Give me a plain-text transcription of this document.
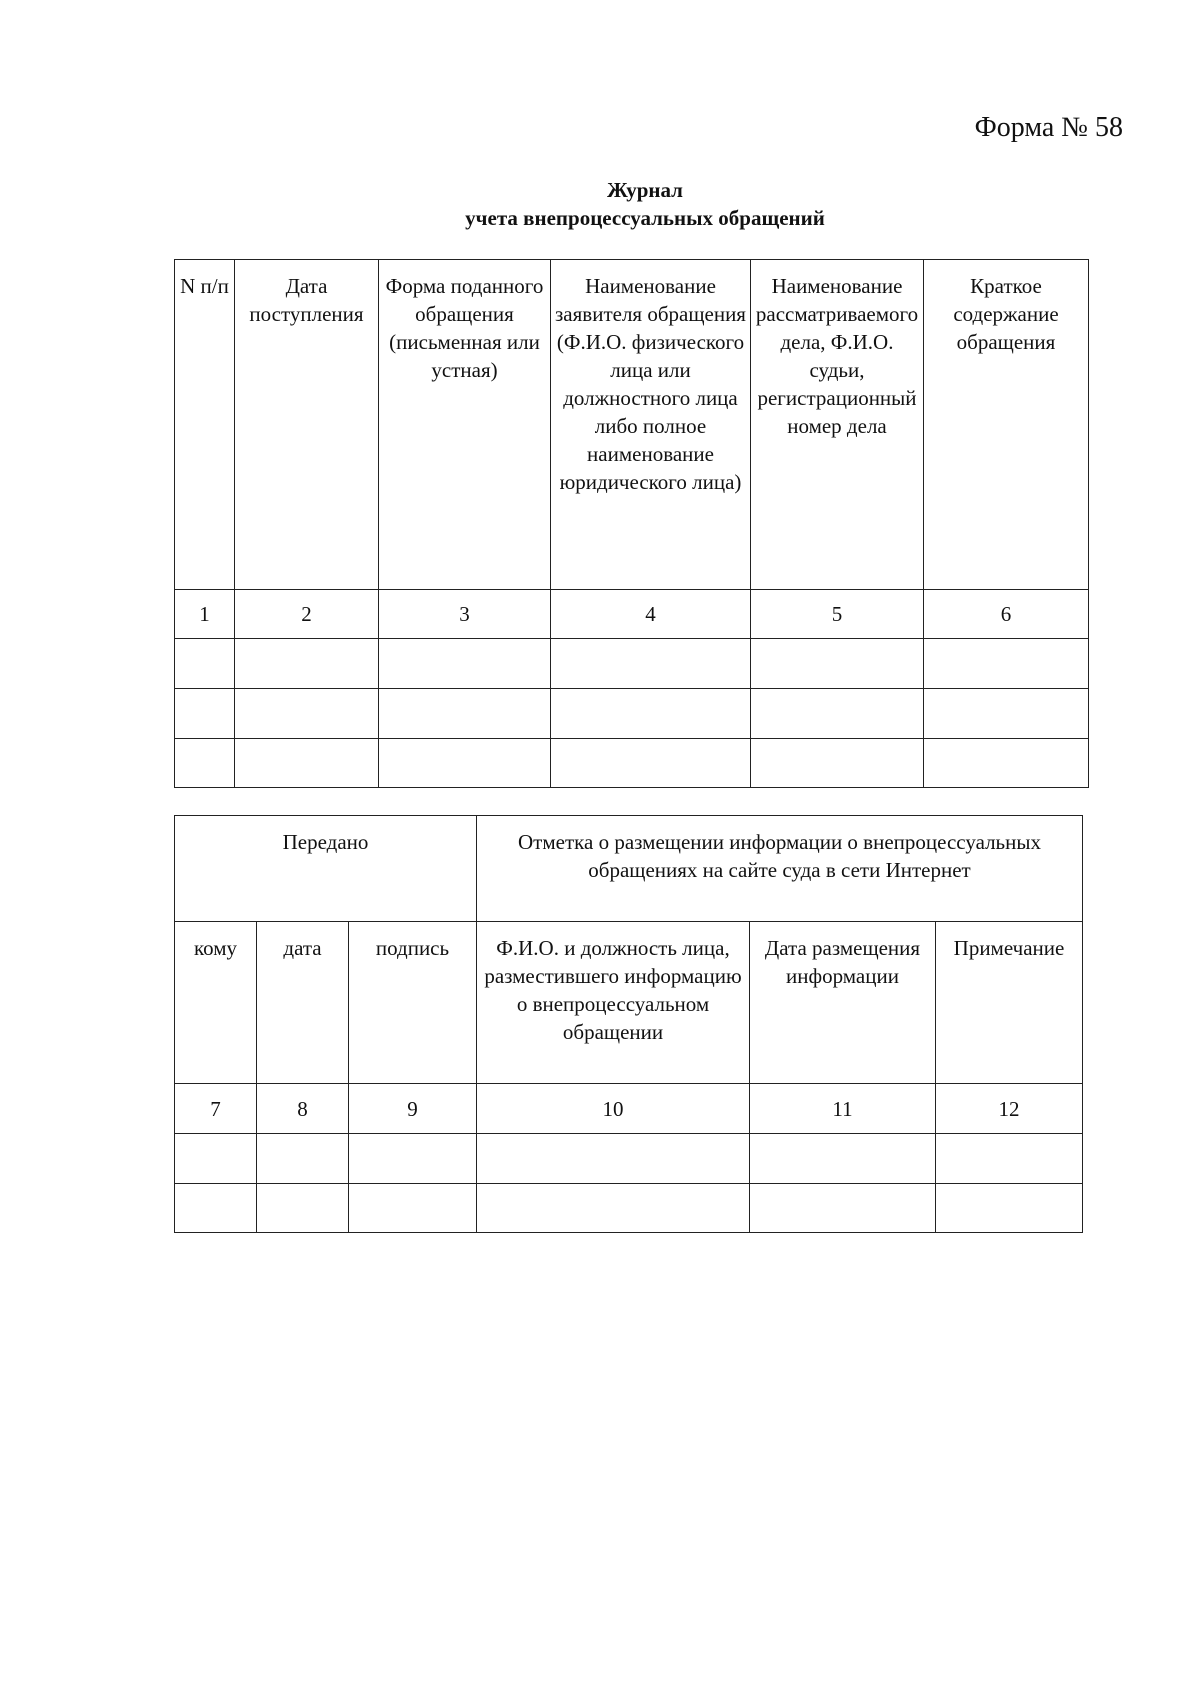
Форма № 58
Журнал
учета внепроцессуальных обращений
N п/п	Дата поступления	Форма поданного обращения (письменная или устная)	Наименование заявителя обращения (Ф.И.О. физического лица или должностного лица либо полное наименование юридического лица)	Наименование рассматриваемого дела, Ф.И.О. судьи, регистрационный номер дела	Краткое содержание обращения
1	2	3	4	5	6

Передано			Отметка о размещении информации о внепроцессуальных обращениях на сайте суда в сети Интернет		
кому	дата	подпись	Ф.И.О. и должность лица, разместившего информацию о внепроцессуальном обращении	Дата размещения информации	Примечание
7	8	9	10	11	12
